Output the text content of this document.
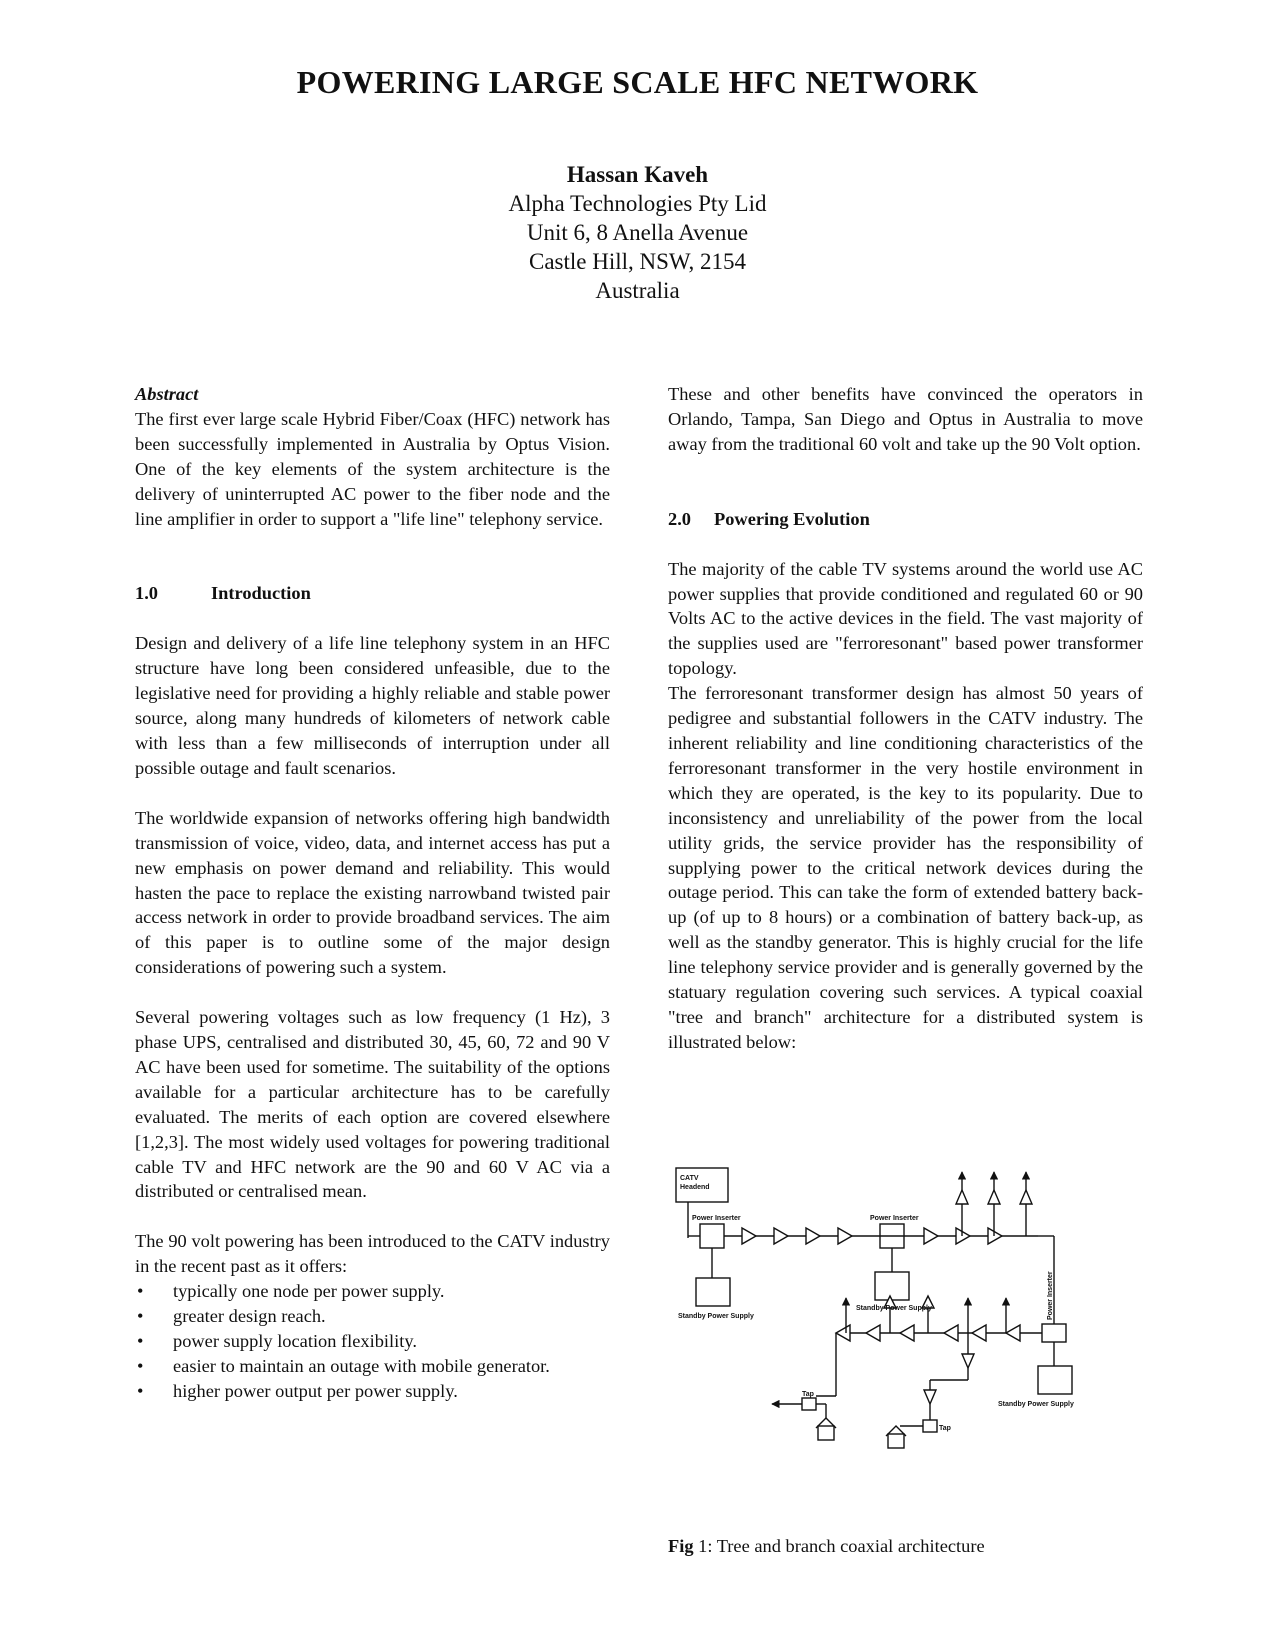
POWERING LARGE SCALE HFC NETWORK
Hassan Kaveh
Alpha Technologies Pty Lid
Unit 6, 8 Anella Avenue
Castle Hill, NSW, 2154
Australia
Abstract

The first ever large scale Hybrid Fiber/Coax (HFC) network has been successfully implemented in Australia by Optus Vision. One of the key elements of the system architecture is the delivery of uninterrupted AC power to the fiber node and the line amplifier in order to support a "life line" telephony service.

1.0	Introduction

Design and delivery of a life line telephony system in an HFC structure have long been considered unfeasible, due to the legislative need for providing a highly reliable and stable power source, along many hundreds of kilometers of network cable with less than a few milliseconds of interruption under all possible outage and fault scenarios.

The worldwide expansion of networks offering high bandwidth transmission of voice, video, data, and internet access has put a new emphasis on power demand and reliability. This would hasten the pace to replace the existing narrowband twisted pair access network in order to provide broadband services. The aim of this paper is to outline some of the major design considerations of powering such a system.

Several powering voltages such as low frequency (1 Hz), 3 phase UPS, centralised and distributed 30, 45, 60, 72 and 90 V AC have been used for sometime. The suitability of the options available for a particular architecture has to be carefully evaluated. The merits of each option are covered elsewhere [1,2,3]. The most widely used voltages for powering traditional cable TV and HFC network are the 90 and 60 V AC via a distributed or centralised mean.

The 90 volt powering has been introduced to the CATV industry in the recent past as it offers:

• typically one node per power supply.
• greater design reach.
• power supply location flexibility.
• easier to maintain an outage with mobile generator.
• higher power output per power supply.

These and other benefits have convinced the operators in Orlando, Tampa, San Diego and Optus in Australia to move away from the traditional 60 volt and take up the 90 Volt option.

2.0 Powering Evolution

The majority of the cable TV systems around the world use AC power supplies that provide conditioned and regulated 60 or 90 Volts AC to the active devices in the field. The vast majority of the supplies used are "ferroresonant" based power transformer topology.

The ferroresonant transformer design has almost 50 years of pedigree and substantial followers in the CATV industry. The inherent reliability and line conditioning characteristics of the ferroresonant transformer in the very hostile environment in which they are operated, is the key to its popularity. Due to inconsistency and unreliability of the power from the local utility grids, the service provider has the responsibility of supplying power to the critical network devices during the outage period. This can take the form of extended battery back-up (of up to 8 hours) or a combination of battery back-up, as well as the standby generator. This is highly crucial for the life line telephony service provider and is generally governed by the statuary regulation covering such services. A typical coaxial "tree and branch" architecture for a distributed system is illustrated below:

CATV
Headend
Power Inserter	Power Inserter
Standby Power Supply
Standby Power Supply
Standby Power Supply
Power Inserter
Tap
Tap
Fig 1: Tree and branch coaxial architecture
